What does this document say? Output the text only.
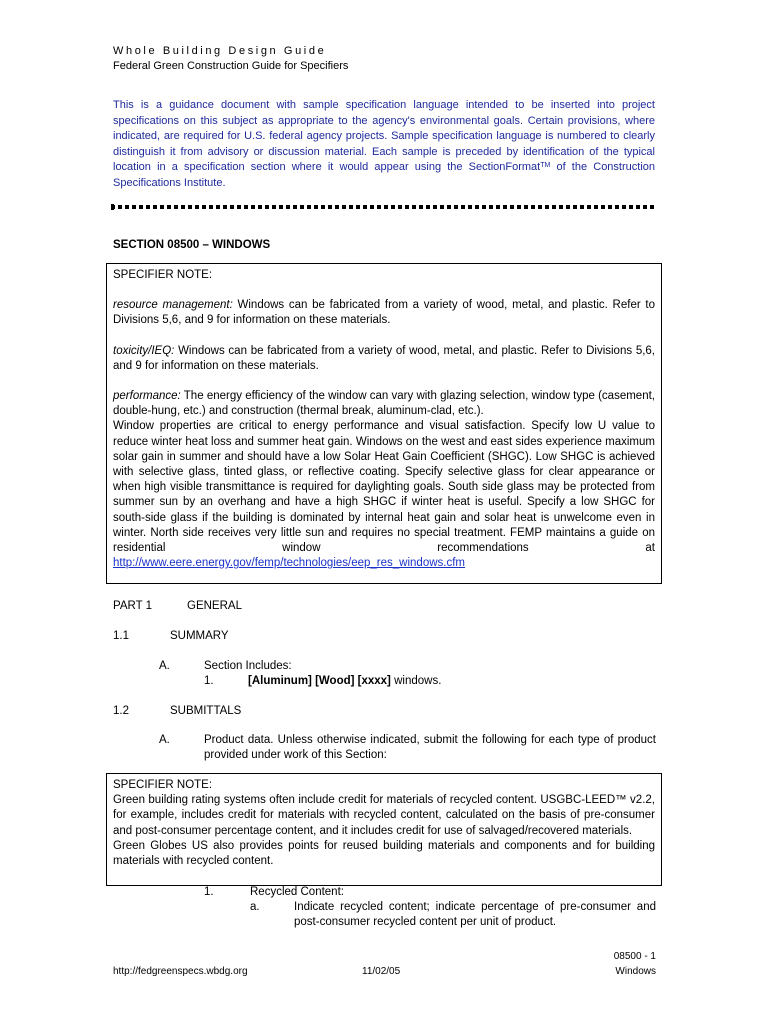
Whole Building Design Guide
Federal Green Construction Guide for Specifiers
This is a guidance document with sample specification language intended to be inserted into project specifications on this subject as appropriate to the agency's environmental goals. Certain provisions, where indicated, are required for U.S. federal agency projects. Sample specification language is numbered to clearly distinguish it from advisory or discussion material. Each sample is preceded by identification of the typical location in a specification section where it would appear using the SectionFormat™ of the Construction Specifications Institute.
SECTION 08500 – WINDOWS

SPECIFIER NOTE:

resource management: Windows can be fabricated from a variety of wood, metal, and plastic. Refer to Divisions 5,6, and 9 for information on these materials.

toxicity/IEQ: Windows can be fabricated from a variety of wood, metal, and plastic. Refer to Divisions 5,6, and 9 for information on these materials.

performance: The energy efficiency of the window can vary with glazing selection, window type (casement, double-hung, etc.) and construction (thermal break, aluminum-clad, etc.).

Window properties are critical to energy performance and visual satisfaction. Specify low U value to reduce winter heat loss and summer heat gain. Windows on the west and east sides experience maximum solar gain in summer and should have a low Solar Heat Gain Coefficient (SHGC). Low SHGC is achieved with selective glass, tinted glass, or reflective coating. Specify selective glass for clear appearance or when high visible transmittance is required for daylighting goals. South side glass may be protected from summer sun by an overhang and have a high SHGC if winter heat is useful. Specify a low SHGC for south-side glass if the building is dominated by internal heat gain and solar heat is unwelcome even in winter. North side receives very little sun and requires no special treatment. FEMP maintains a guide on residential window recommendations at http://www.eere.energy.gov/femp/technologies/eep_res_windows.cfm

PART 1	GENERAL
1.1	SUMMARY
A.	Section Includes:
1.	[Aluminum] [Wood] [xxxx] windows.
1.2	SUBMITTALS
A.	Product data. Unless otherwise indicated, submit the following for each type of product provided under work of this Section:

SPECIFIER NOTE:

Green building rating systems often include credit for materials of recycled content. USGBC-LEED™ v2.2, for example, includes credit for materials with recycled content, calculated on the basis of pre-consumer and post-consumer percentage content, and it includes credit for use of salvaged/recovered materials.

Green Globes US also provides points for reused building materials and components and for building materials with recycled content.

1.	Recycled Content:
a.	Indicate recycled content; indicate percentage of pre-consumer and post-consumer recycled content per unit of product.
http://fedgreenspecs.wbdg.org	11/02/05
08500 - 1
Windows
